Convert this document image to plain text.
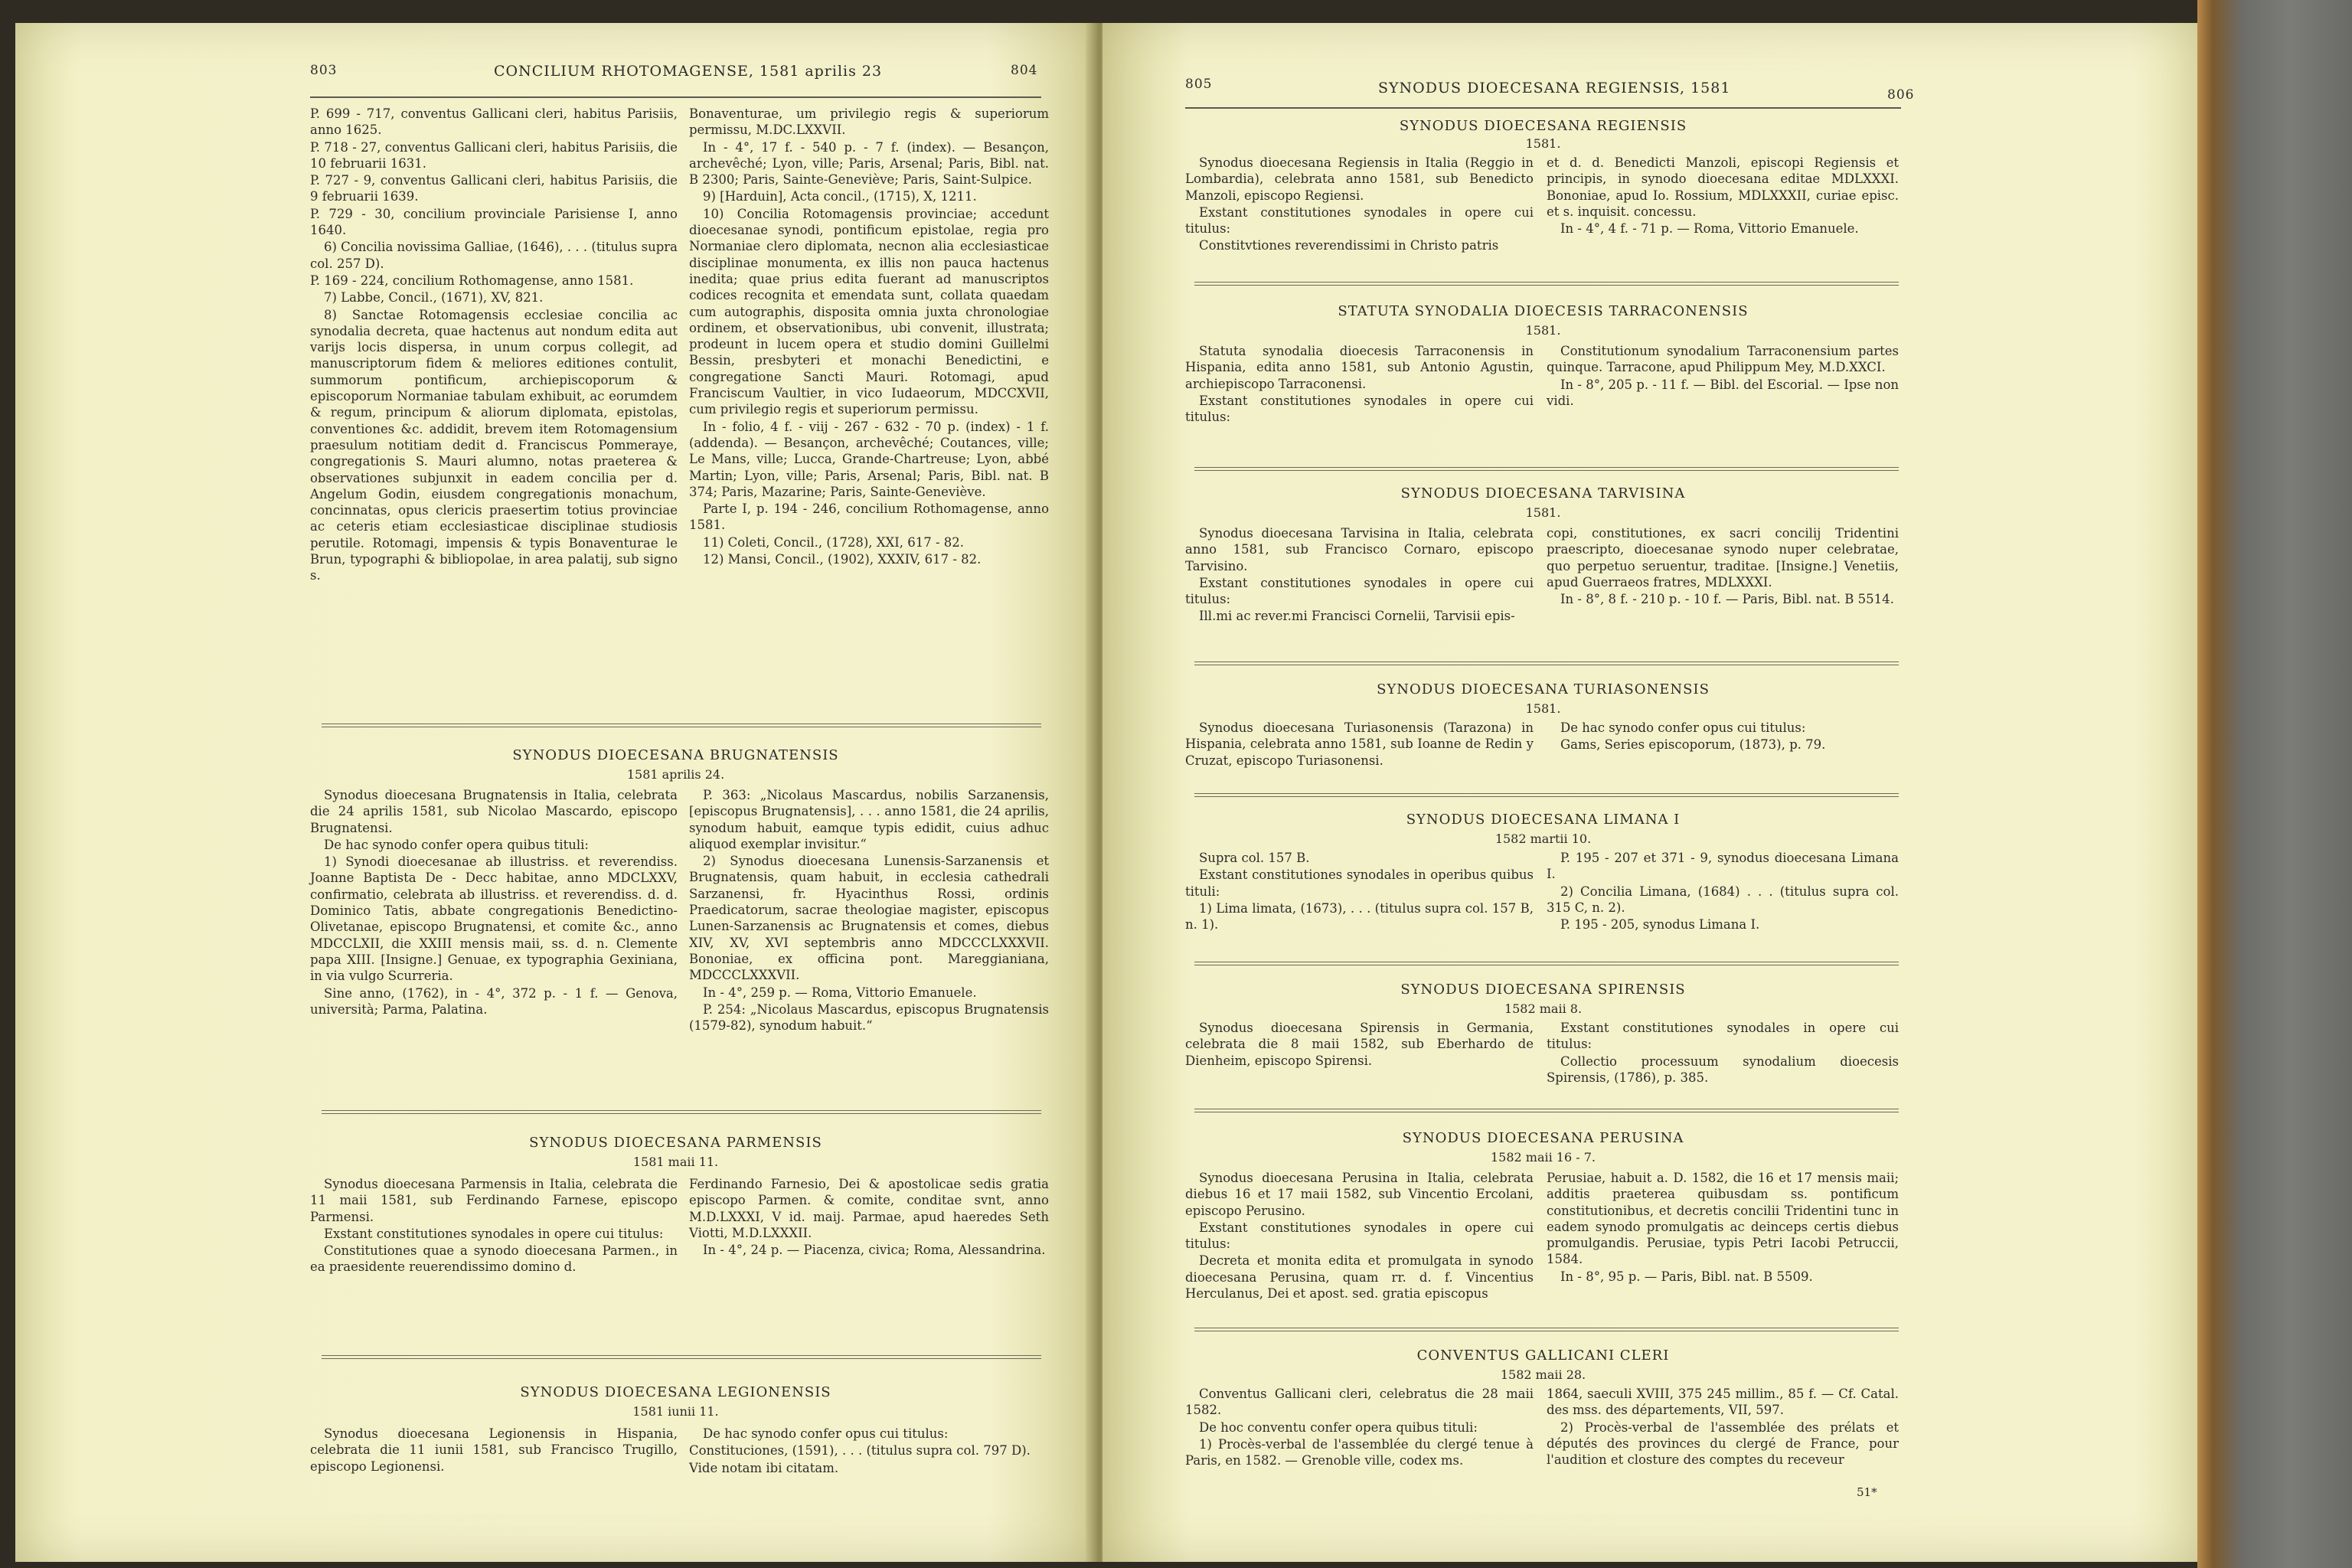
803	CONCILIUM RHOTOMAGENSE, 1581 aprilis 23	804

P. 699 - 717, conventus Gallicani cleri, habitus Parisiis, anno 1625.

P. 718 - 27, conventus Gallicani cleri, habitus Parisiis, die 10 februarii 1631.

P. 727 - 9, conventus Gallicani cleri, habitus Parisiis, die 9 februarii 1639.

P. 729 - 30, concilium provinciale Parisiense I, anno 1640.

6) Concilia novissima Galliae, (1646), . . . (titulus supra col. 257 D).

P. 169 - 224, concilium Rothomagense, anno 1581.

7) Labbe, Concil., (1671), XV, 821.

8) Sanctae Rotomagensis ecclesiae concilia ac synodalia decreta, quae hactenus aut nondum edita aut varijs locis dispersa, in unum corpus collegit, ad manuscriptorum fidem & meliores editiones contulit, summorum pontificum, archiepiscoporum & episcoporum Normaniae tabulam exhibuit, ac eorumdem & regum, principum & aliorum diplomata, epistolas, conventiones &c. addidit, brevem item Rotomagensium praesulum notitiam dedit d. Franciscus Pommeraye, congregationis S. Mauri alumno, notas praeterea & observationes subjunxit in eadem concilia per d. Angelum Godin, eiusdem congregationis monachum, concinnatas, opus clericis praesertim totius provinciae ac ceteris etiam ecclesiasticae disciplinae studiosis perutile. Rotomagi, impensis & typis Bonaventurae le Brun, typographi & bibliopolae, in area palatij, sub signo s.

Bonaventurae, um privilegio regis & superiorum permissu, M.DC.LXXVII.

In - 4°, 17 f. - 540 p. - 7 f. (index). — Besançon, archevêché; Lyon, ville; Paris, Arsenal; Paris, Bibl. nat. B 2300; Paris, Sainte-Geneviève; Paris, Saint-Sulpice.

9) [Harduin], Acta concil., (1715), X, 1211.

10) Concilia Rotomagensis provinciae; accedunt dioecesanae synodi, pontificum epistolae, regia pro Normaniae clero diplomata, necnon alia ecclesiasticae disciplinae monumenta, ex illis non pauca hactenus inedita; quae prius edita fuerant ad manuscriptos codices recognita et emendata sunt, collata quaedam cum autographis, disposita omnia juxta chronologiae ordinem, et observationibus, ubi convenit, illustrata; prodeunt in lucem opera et studio domini Guillelmi Bessin, presbyteri et monachi Benedictini, e congregatione Sancti Mauri. Rotomagi, apud Franciscum Vaultier, in vico Iudaeorum, MDCCXVII, cum privilegio regis et superiorum permissu.

In - folio, 4 f. - viij - 267 - 632 - 70 p. (index) - 1 f. (addenda). — Besançon, archevêché; Coutances, ville; Le Mans, ville; Lucca, Grande-Chartreuse; Lyon, abbé Martin; Lyon, ville; Paris, Arsenal; Paris, Bibl. nat. B 374; Paris, Mazarine; Paris, Sainte-Geneviève.

Parte I, p. 194 - 246, concilium Rothomagense, anno 1581.

11) Coleti, Concil., (1728), XXI, 617 - 82.

12) Mansi, Concil., (1902), XXXIV, 617 - 82.

SYNODUS DIOECESANA BRUGNATENSIS
1581 aprilis 24.

Synodus dioecesana Brugnatensis in Italia, celebrata die 24 aprilis 1581, sub Nicolao Mascardo, episcopo Brugnatensi.

De hac synodo confer opera quibus tituli:

1) Synodi dioecesanae ab illustriss. et reverendiss. Joanne Baptista De - Decc habitae, anno MDCLXXV, confirmatio, celebrata ab illustriss. et reverendiss. d. d. Dominico Tatis, abbate congregationis Benedictino-Olivetanae, episcopo Brugnatensi, et comite &c., anno MDCCLXII, die XXIII mensis maii, ss. d. n. Clemente papa XIII. [Insigne.] Genuae, ex typographia Gexiniana, in via vulgo Scurreria.

Sine anno, (1762), in - 4°, 372 p. - 1 f. — Genova, università; Parma, Palatina.

P. 363: „Nicolaus Mascardus, nobilis Sarzanensis, [episcopus Brugnatensis], . . . anno 1581, die 24 aprilis, synodum habuit, eamque typis edidit, cuius adhuc aliquod exemplar invisitur.“

2) Synodus dioecesana Lunensis-Sarzanensis et Brugnatensis, quam habuit, in ecclesia cathedrali Sarzanensi, fr. Hyacinthus Rossi, ordinis Praedicatorum, sacrae theologiae magister, episcopus Lunen-Sarzanensis ac Brugnatensis et comes, diebus XIV, XV, XVI septembris anno MDCCCLXXXVII. Bononiae, ex officina pont. Mareggianiana, MDCCCLXXXVII.

In - 4°, 259 p. — Roma, Vittorio Emanuele.

P. 254: „Nicolaus Mascardus, episcopus Brugnatensis (1579-82), synodum habuit.“

SYNODUS DIOECESANA PARMENSIS
1581 maii 11.

Synodus dioecesana Parmensis in Italia, celebrata die 11 maii 1581, sub Ferdinando Farnese, episcopo Parmensi.

Exstant constitutiones synodales in opere cui titulus:

Constitutiones quae a synodo dioecesana Parmen., in ea praesidente reuerendissimo domino d.

Ferdinando Farnesio, Dei & apostolicae sedis gratia episcopo Parmen. & comite, conditae svnt, anno M.D.LXXXI, V id. maij. Parmae, apud haeredes Seth Viotti, M.D.LXXXII.

In - 4°, 24 p. — Piacenza, civica; Roma, Alessandrina.

SYNODUS DIOECESANA LEGIONENSIS
1581 iunii 11.

Synodus dioecesana Legionensis in Hispania, celebrata die 11 iunii 1581, sub Francisco Trugillo, episcopo Legionensi.

De hac synodo confer opus cui titulus:

Constituciones, (1591), . . . (titulus supra col. 797 D).

Vide notam ibi citatam.

805	SYNODUS DIOECESANA REGIENSIS, 1581	806
SYNODUS DIOECESANA REGIENSIS
1581.

Synodus dioecesana Regiensis in Italia (Reggio in Lombardia), celebrata anno 1581, sub Benedicto Manzoli, episcopo Regiensi.

Exstant constitutiones synodales in opere cui titulus:

Constitvtiones reverendissimi in Christo patris

et d. d. Benedicti Manzoli, episcopi Regiensis et principis, in synodo dioecesana editae MDLXXXI. Bononiae, apud Io. Rossium, MDLXXXII, curiae episc. et s. inquisit. concessu.

In - 4°, 4 f. - 71 p. — Roma, Vittorio Emanuele.

STATUTA SYNODALIA DIOECESIS TARRACONENSIS
1581.

Statuta synodalia dioecesis Tarraconensis in Hispania, edita anno 1581, sub Antonio Agustin, archiepiscopo Tarraconensi.

Exstant constitutiones synodales in opere cui titulus:

Constitutionum synodalium Tarraconensium partes quinque. Tarracone, apud Philippum Mey, M.D.XXCI.

In - 8°, 205 p. - 11 f. — Bibl. del Escorial. — Ipse non vidi.

SYNODUS DIOECESANA TARVISINA
1581.

Synodus dioecesana Tarvisina in Italia, celebrata anno 1581, sub Francisco Cornaro, episcopo Tarvisino.

Exstant constitutiones synodales in opere cui titulus:

Ill.mi ac rever.mi Francisci Cornelii, Tarvisii epis-

copi, constitutiones, ex sacri concilij Tridentini praescripto, dioecesanae synodo nuper celebratae, quo perpetuo seruentur, traditae. [Insigne.] Venetiis, apud Guerraeos fratres, MDLXXXI.

In - 8°, 8 f. - 210 p. - 10 f. — Paris, Bibl. nat. B 5514.

SYNODUS DIOECESANA TURIASONENSIS
1581.

Synodus dioecesana Turiasonensis (Tarazona) in Hispania, celebrata anno 1581, sub Ioanne de Redin y Cruzat, episcopo Turiasonensi.

De hac synodo confer opus cui titulus:

Gams, Series episcoporum, (1873), p. 79.

SYNODUS DIOECESANA LIMANA I
1582 martii 10.

Supra col. 157 B.

Exstant constitutiones synodales in operibus quibus tituli:

1) Lima limata, (1673), . . . (titulus supra col. 157 B, n. 1).

P. 195 - 207 et 371 - 9, synodus dioecesana Limana I.

2) Concilia Limana, (1684) . . . (titulus supra col. 315 C, n. 2).

P. 195 - 205, synodus Limana I.

SYNODUS DIOECESANA SPIRENSIS
1582 maii 8.

Synodus dioecesana Spirensis in Germania, celebrata die 8 maii 1582, sub Eberhardo de Dienheim, episcopo Spirensi.

Exstant constitutiones synodales in opere cui titulus:

Collectio processuum synodalium dioecesis Spirensis, (1786), p. 385.

SYNODUS DIOECESANA PERUSINA
1582 maii 16 - 7.

Synodus dioecesana Perusina in Italia, celebrata diebus 16 et 17 maii 1582, sub Vincentio Ercolani, episcopo Perusino.

Exstant constitutiones synodales in opere cui titulus:

Decreta et monita edita et promulgata in synodo dioecesana Perusina, quam rr. d. f. Vincentius Herculanus, Dei et apost. sed. gratia episcopus

Perusiae, habuit a. D. 1582, die 16 et 17 mensis maii; additis praeterea quibusdam ss. pontificum constitutionibus, et decretis concilii Tridentini tunc in eadem synodo promulgatis ac deinceps certis diebus promulgandis. Perusiae, typis Petri Iacobi Petruccii, 1584.

In - 8°, 95 p. — Paris, Bibl. nat. B 5509.

CONVENTUS GALLICANI CLERI
1582 maii 28.

Conventus Gallicani cleri, celebratus die 28 maii 1582.

De hoc conventu confer opera quibus tituli:

1) Procès-verbal de l'assemblée du clergé tenue à Paris, en 1582. — Grenoble ville, codex ms.

1864, saeculi XVIII, 375 245 millim., 85 f. — Cf. Catal. des mss. des départements, VII, 597.

2) Procès-verbal de l'assemblée des prélats et députés des provinces du clergé de France, pour l'audition et closture des comptes du receveur

51*
